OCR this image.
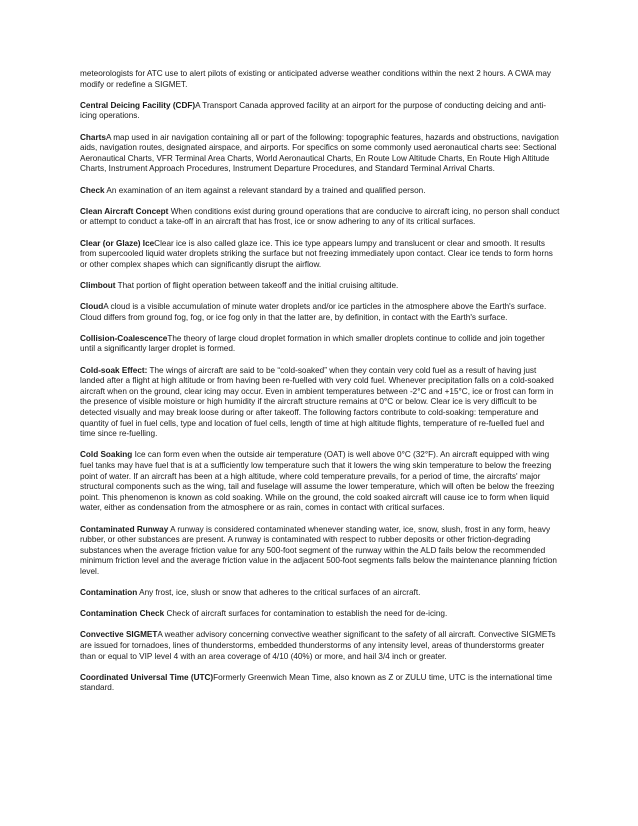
meteorologists for ATC use to alert pilots of existing or anticipated adverse weather conditions within the next 2 hours. A CWA may modify or redefine a SIGMET.

Central Deicing Facility (CDF)A Transport Canada approved facility at an airport for the purpose of conducting deicing and anti-icing operations.

ChartsA map used in air navigation containing all or part of the following: topographic features, hazards and obstructions, navigation aids, navigation routes, designated airspace, and airports. For specifics on some commonly used aeronautical charts see: Sectional Aeronautical Charts, VFR Terminal Area Charts, World Aeronautical Charts, En Route Low Altitude Charts, En Route High Altitude Charts, Instrument Approach Procedures, Instrument Departure Procedures, and Standard Terminal Arrival Charts.

Check An examination of an item against a relevant standard by a trained and qualified person.

Clean Aircraft Concept When conditions exist during ground operations that are conducive to aircraft icing, no person shall conduct or attempt to conduct a take-off in an aircraft that has frost, ice or snow adhering to any of its critical surfaces.

Clear (or Glaze) IceClear ice is also called glaze ice. This ice type appears lumpy and translucent or clear and smooth. It results from supercooled liquid water droplets striking the surface but not freezing immediately upon contact. Clear ice tends to form horns or other complex shapes which can significantly disrupt the airflow.

Climbout That portion of flight operation between takeoff and the initial cruising altitude.

CloudA cloud is a visible accumulation of minute water droplets and/or ice particles in the atmosphere above the Earth's surface. Cloud differs from ground fog, fog, or ice fog only in that the latter are, by definition, in contact with the Earth's surface.

Collision-CoalescenceThe theory of large cloud droplet formation in which smaller droplets continue to collide and join together until a significantly larger droplet is formed.

Cold-soak Effect: The wings of aircraft are said to be “cold-soaked” when they contain very cold fuel as a result of having just landed after a flight at high altitude or from having been re-fuelled with very cold fuel. Whenever precipitation falls on a cold-soaked aircraft when on the ground, clear icing may occur. Even in ambient temperatures between -2°C and +15°C, ice or frost can form in the presence of visible moisture or high humidity if the aircraft structure remains at 0°C or below. Clear ice is very difficult to be detected visually and may break loose during or after takeoff. The following factors contribute to cold-soaking: temperature and quantity of fuel in fuel cells, type and location of fuel cells, length of time at high altitude flights, temperature of re-fuelled fuel and time since re-fuelling.

Cold Soaking Ice can form even when the outside air temperature (OAT) is well above 0°C (32°F). An aircraft equipped with wing fuel tanks may have fuel that is at a sufficiently low temperature such that it lowers the wing skin temperature to below the freezing point of water. If an aircraft has been at a high altitude, where cold temperature prevails, for a period of time, the aircrafts' major structural components such as the wing, tail and fuselage will assume the lower temperature, which will often be below the freezing point. This phenomenon is known as cold soaking. While on the ground, the cold soaked aircraft will cause ice to form when liquid water, either as condensation from the atmosphere or as rain, comes in contact with critical surfaces.

Contaminated Runway A runway is considered contaminated whenever standing water, ice, snow, slush, frost in any form, heavy rubber, or other substances are present. A runway is contaminated with respect to rubber deposits or other friction-degrading substances when the average friction value for any 500-foot segment of the runway within the ALD fails below the recommended minimum friction level and the average friction value in the adjacent 500-foot segments falls below the maintenance planning friction level.

Contamination Any frost, ice, slush or snow that adheres to the critical surfaces of an aircraft.

Contamination Check Check of aircraft surfaces for contamination to establish the need for de-icing.

Convective SIGMETA weather advisory concerning convective weather significant to the safety of all aircraft. Convective SIGMETs are issued for tornadoes, lines of thunderstorms, embedded thunderstorms of any intensity level, areas of thunderstorms greater than or equal to VIP level 4 with an area coverage of 4/10 (40%) or more, and hail 3/4 inch or greater.

Coordinated Universal Time (UTC)Formerly Greenwich Mean Time, also known as Z or ZULU time, UTC is the international time standard.
